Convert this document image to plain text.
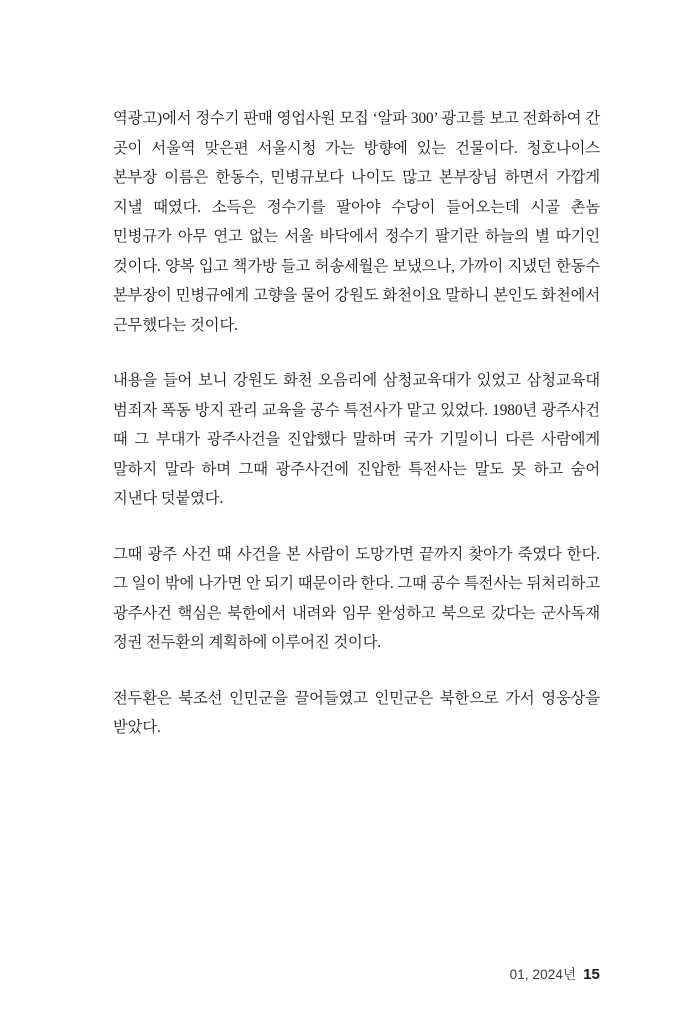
역광고)에서 정수기 판매 영업사원 모집 ‘알파 300’ 광고를 보고 전화하여 간 곳이 서울역 맞은편 서울시청 가는 방향에 있는 건물이다. 청호나이스 본부장 이름은 한동수, 민병규보다 나이도 많고 본부장님 하면서 가깝게 지낼 때였다. 소득은 정수기를 팔아야 수당이 들어오는데 시골 촌놈 민병규가 아무 연고 없는 서울 바닥에서 정수기 팔기란 하늘의 별 따기인 것이다. 양복 입고 책가방 들고 허송세월은 보냈으나, 가까이 지냈던 한동수 본부장이 민병규에게 고향을 물어 강원도 화천이요 말하니 본인도 화천에서 근무했다는 것이다.

내용을 들어 보니 강원도 화천 오음리에 삼청교육대가 있었고 삼청교육대 범죄자 폭동 방지 관리 교육을 공수 특전사가 맡고 있었다. 1980년 광주사건 때 그 부대가 광주사건을 진압했다 말하며 국가 기밀이니 다른 사람에게 말하지 말라 하며 그때 광주사건에 진압한 특전사는 말도 못 하고 숨어 지낸다 덧붙였다.

그때 광주 사건 때 사건을 본 사람이 도망가면 끝까지 찾아가 죽였다 한다. 그 일이 밖에 나가면 안 되기 때문이라 한다. 그때 공수 특전사는 뒤처리하고 광주사건 핵심은 북한에서 내려와 임무 완성하고 북으로 갔다는 군사독재 정권 전두환의 계획하에 이루어진 것이다.

전두환은 북조선 인민군을 끌어들였고 인민군은 북한으로 가서 영웅상을 받았다.

01, 2024년 15
